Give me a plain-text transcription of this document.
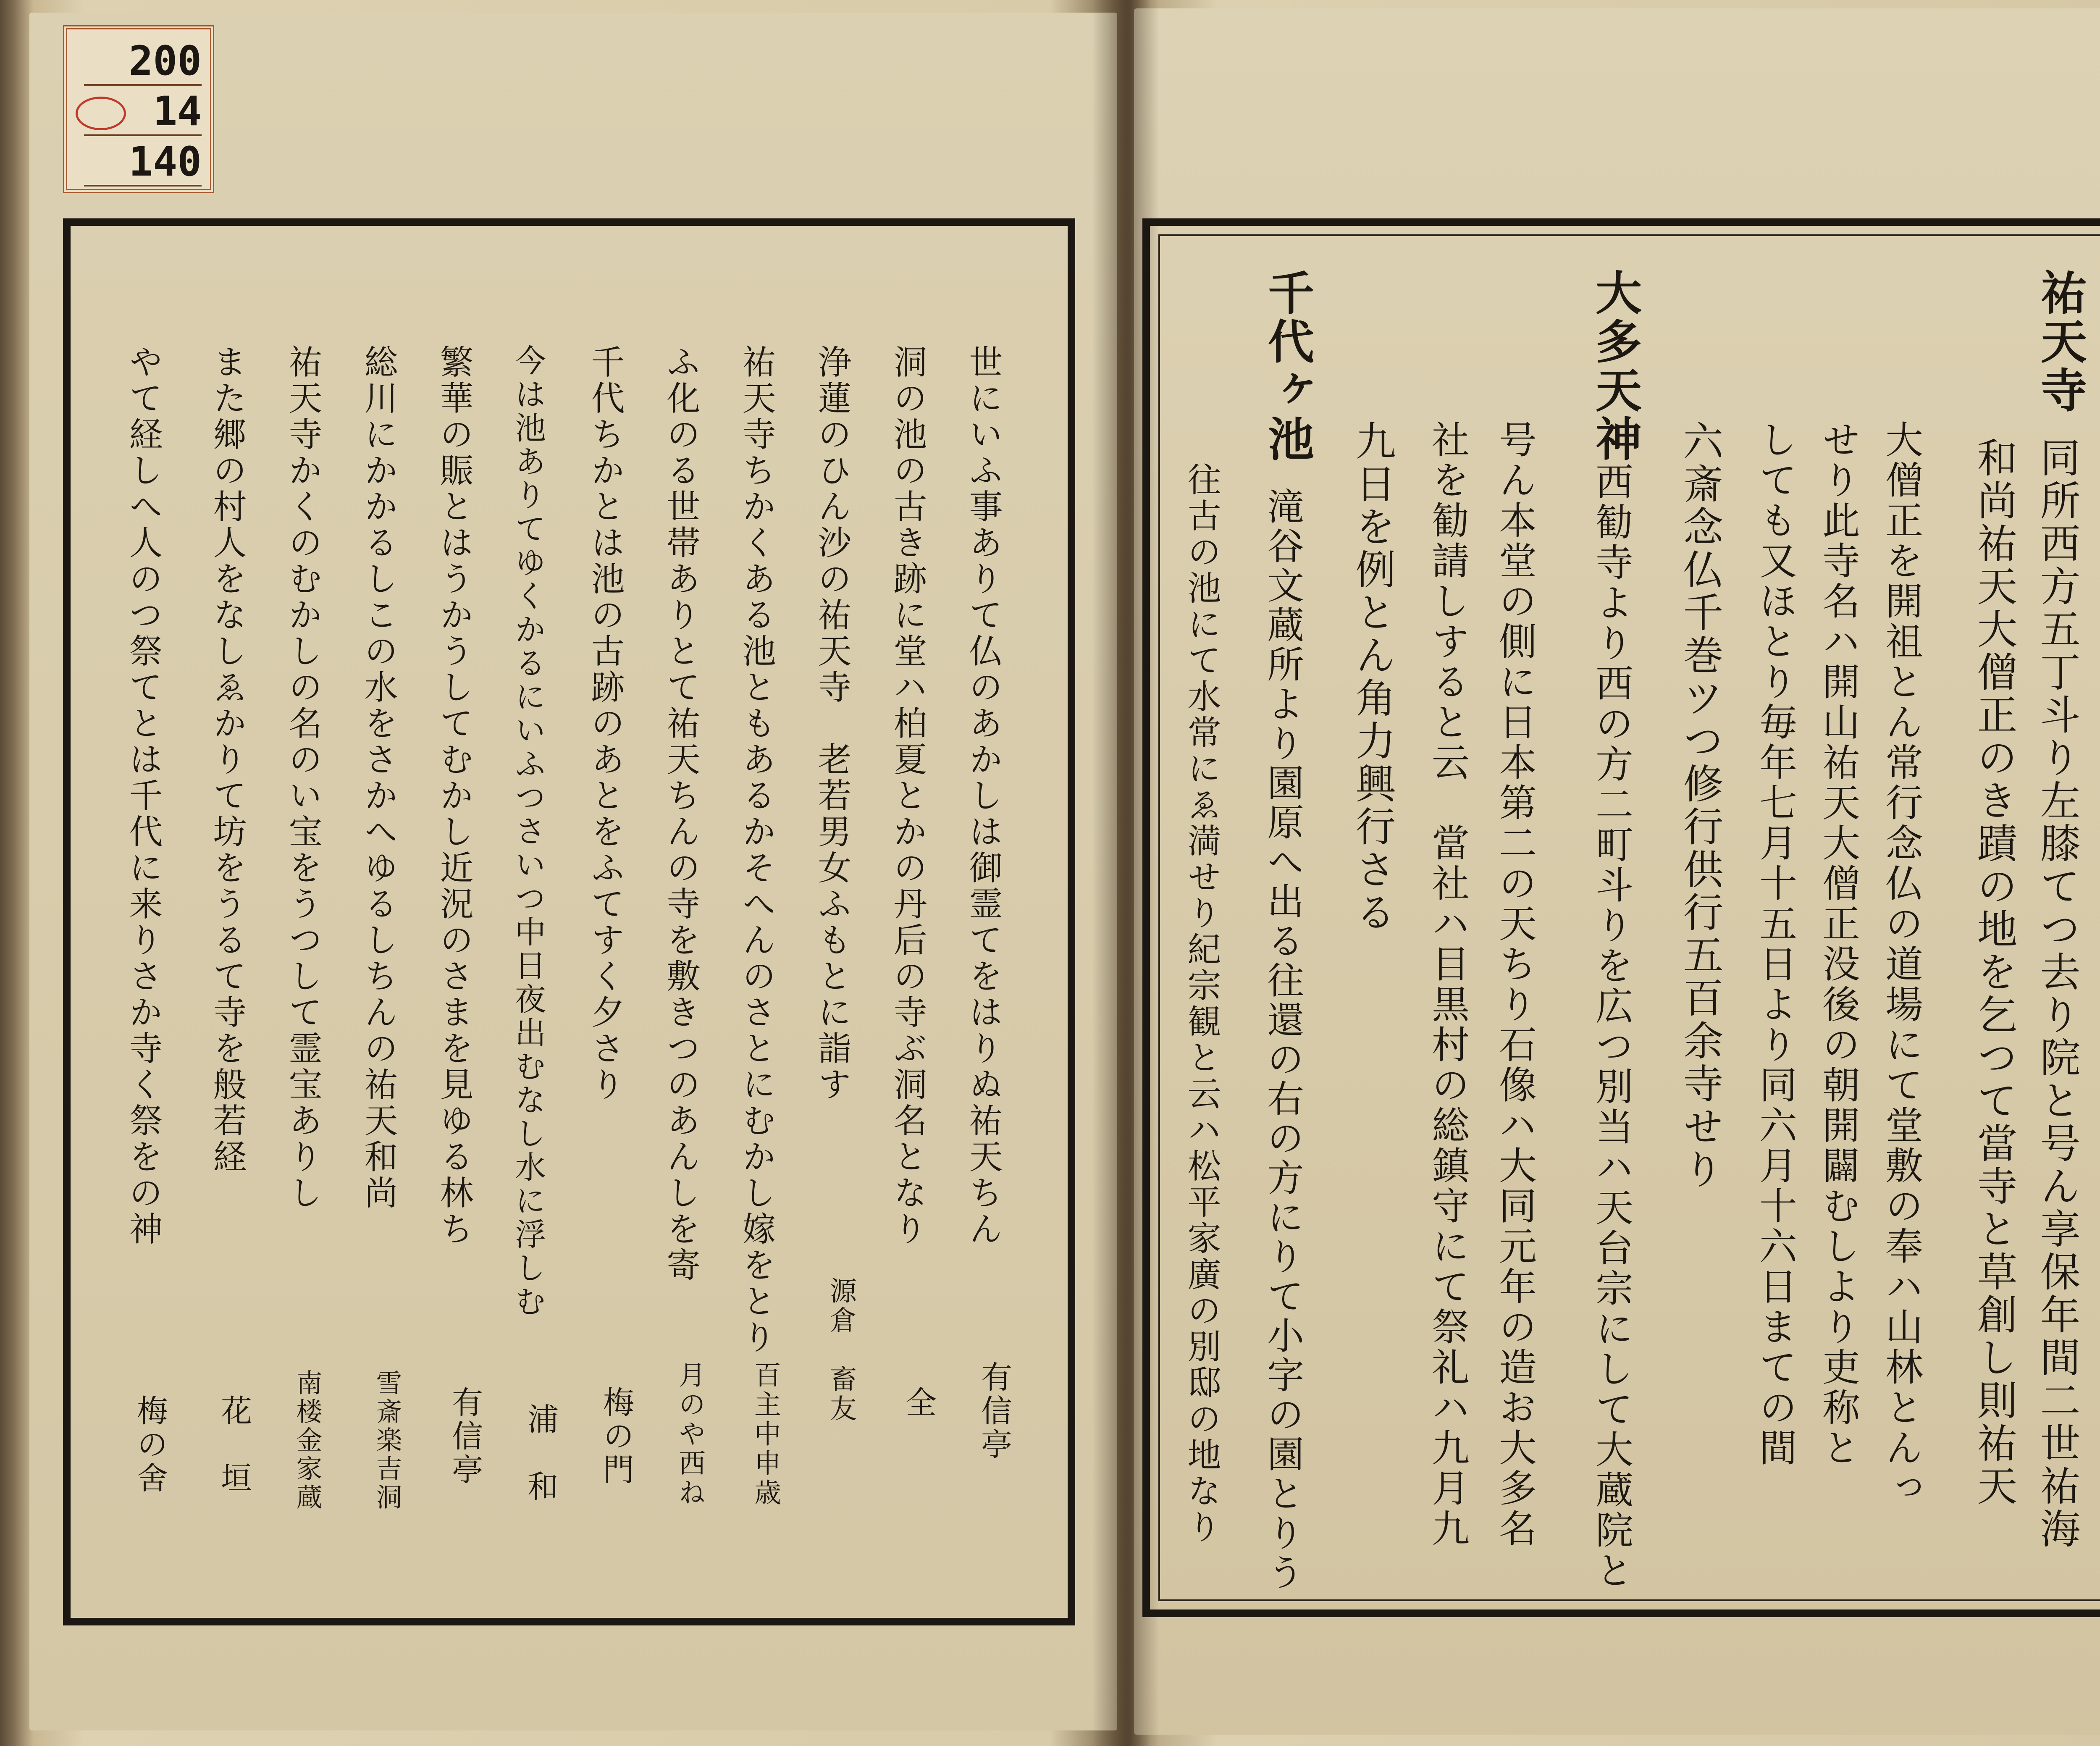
200
14
140
祐天寺
同所西方五丁斗り左膝てつ去り院と号ん享保年間二世祐海
和尚祐天大僧正のき蹟の地を乞つて當寺と草創し則祐天
大僧正を開祖とん常行念仏の道場にて堂敷の奉ハ山林とんっ
せり此寺名ハ開山祐天大僧正没後の朝開闢むしより吏称と
しても又ほとり毎年七月十五日より同六月十六日まての間
六斎念仏千巻ツつ修行供行五百余寺せり
大多天神
西勧寺より西の方二町斗りを広つ別当ハ天台宗にして大蔵院と
号ん本堂の側に日本第二の天ちり石像ハ大同元年の造お大多名
社を勧請しすると云　當社ハ目黒村の総鎮守にて祭礼ハ九月九
九日を例とん角力興行さる
千代ヶ池
滝谷文蔵所より園原へ出る往還の右の方にりて小字の園とりう
往古の池にて水常にゑ満せり紀宗観と云ハ松平家廣の別邸の地なり
世にいふ事ありて仏のあかしは御霊てをはりぬ祐天ちん
洞の池の古き跡に堂ハ柏夏とかの丹后の寺ぶ洞名となり
浄蓮のひん沙の祐天寺　老若男女ふもとに詣す
祐天寺ちかくある池ともあるかそへんのさとにむかし嫁をとり
ふ化のる世帯ありとて祐天ちんの寺を敷きつのあんしを寄
千代ちかとは池の古跡のあとをふてすく夕さり
今は池ありてゆくかるにいふつさいつ中日夜出むなし水に浮しむ
繁華の賑とはうかうしてむかし近況のさまを見ゆる林ち
総川にかかるしこの水をさかへゆるしちんの祐天和尚
祐天寺かくのむかしの名のい宝をうつして霊宝ありし
また郷の村人をなしゑかりて坊をうるて寺を般若経
やて経しへ人のつ祭てとは千代に来りさか寺く祭をの神
有信亭
全
源倉　畜友
百主中申歳
月のや西ね
梅の門
浦　和
有信亭
雪斎楽吉洞
南楼金家蔵
花　垣
梅の舍
